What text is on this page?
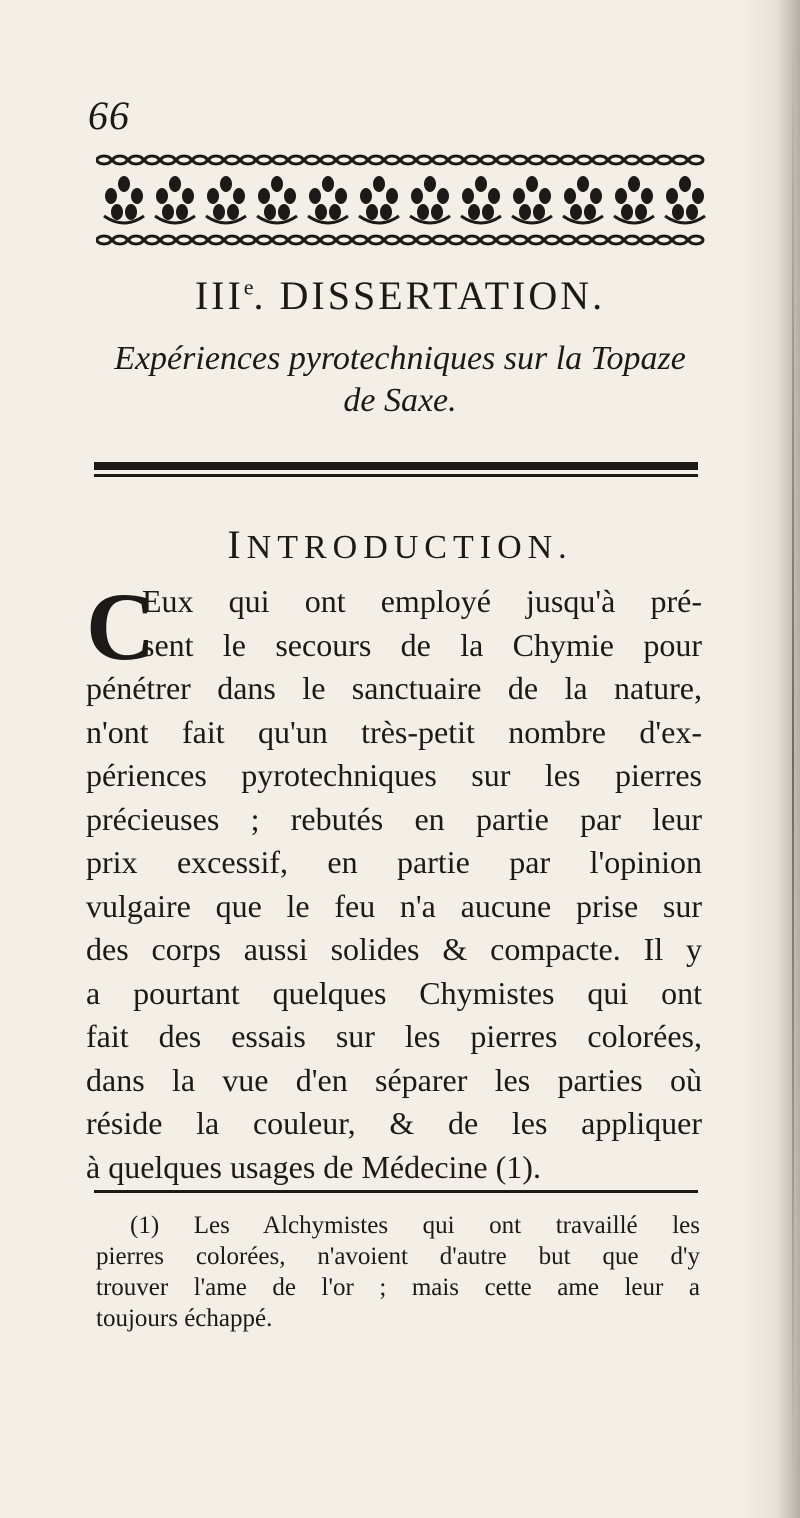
66
IIIe. DISSERTATION.
Expériences pyrotechniques sur la Topaze
de Saxe.
INTRODUCTION.
C
Eux qui ont employé jusqu'à pré-
sent le secours de la Chymie pour
pénétrer dans le sanctuaire de la nature,
n'ont fait qu'un très-petit nombre d'ex-
périences pyrotechniques sur les pierres
précieuses ; rebutés en partie par leur
prix excessif, en partie par l'opinion
vulgaire que le feu n'a aucune prise sur
des corps aussi solides & compacte. Il y
a pourtant quelques Chymistes qui ont
fait des essais sur les pierres colorées,
dans la vue d'en séparer les parties où
réside la couleur, & de les appliquer
à quelques usages de Médecine (1).
(1) Les Alchymistes qui ont travaillé les
pierres colorées, n'avoient d'autre but que d'y
trouver l'ame de l'or ; mais cette ame leur a
toujours échappé.
